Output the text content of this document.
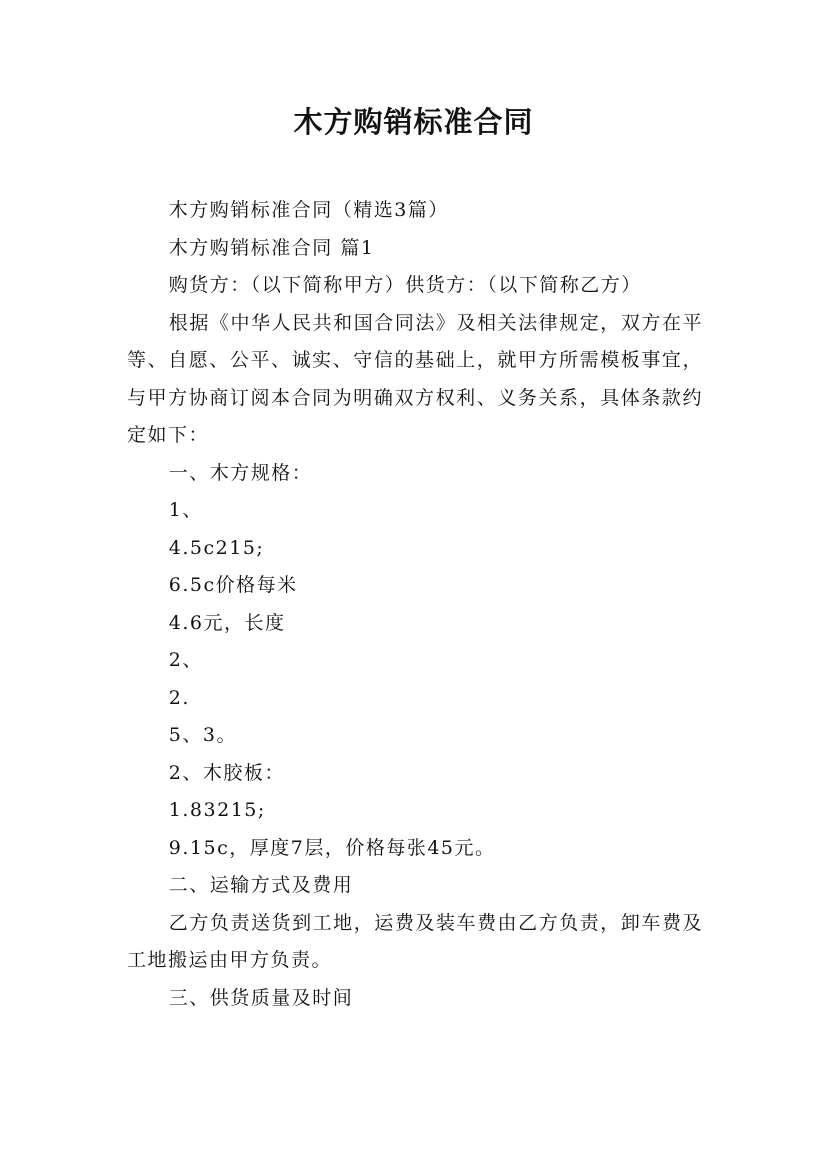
木方购销标准合同

木方购销标准合同（精选3篇）

木方购销标准合同 篇1

购货方：（以下简称甲方）供货方：（以下简称乙方）

根据《中华人民共和国合同法》及相关法律规定，双方在平等、自愿、公平、诚实、守信的基础上，就甲方所需模板事宜，与甲方协商订阅本合同为明确双方权利、义务关系，具体条款约定如下：

一、木方规格：

1、

4.5c215;

6.5c价格每米

4.6元，长度

2、

2.

5、3。

2、木胶板：

1.83215;

9.15c，厚度7层，价格每张45元。

二、运输方式及费用

乙方负责送货到工地，运费及装车费由乙方负责，卸车费及工地搬运由甲方负责。

三、供货质量及时间
